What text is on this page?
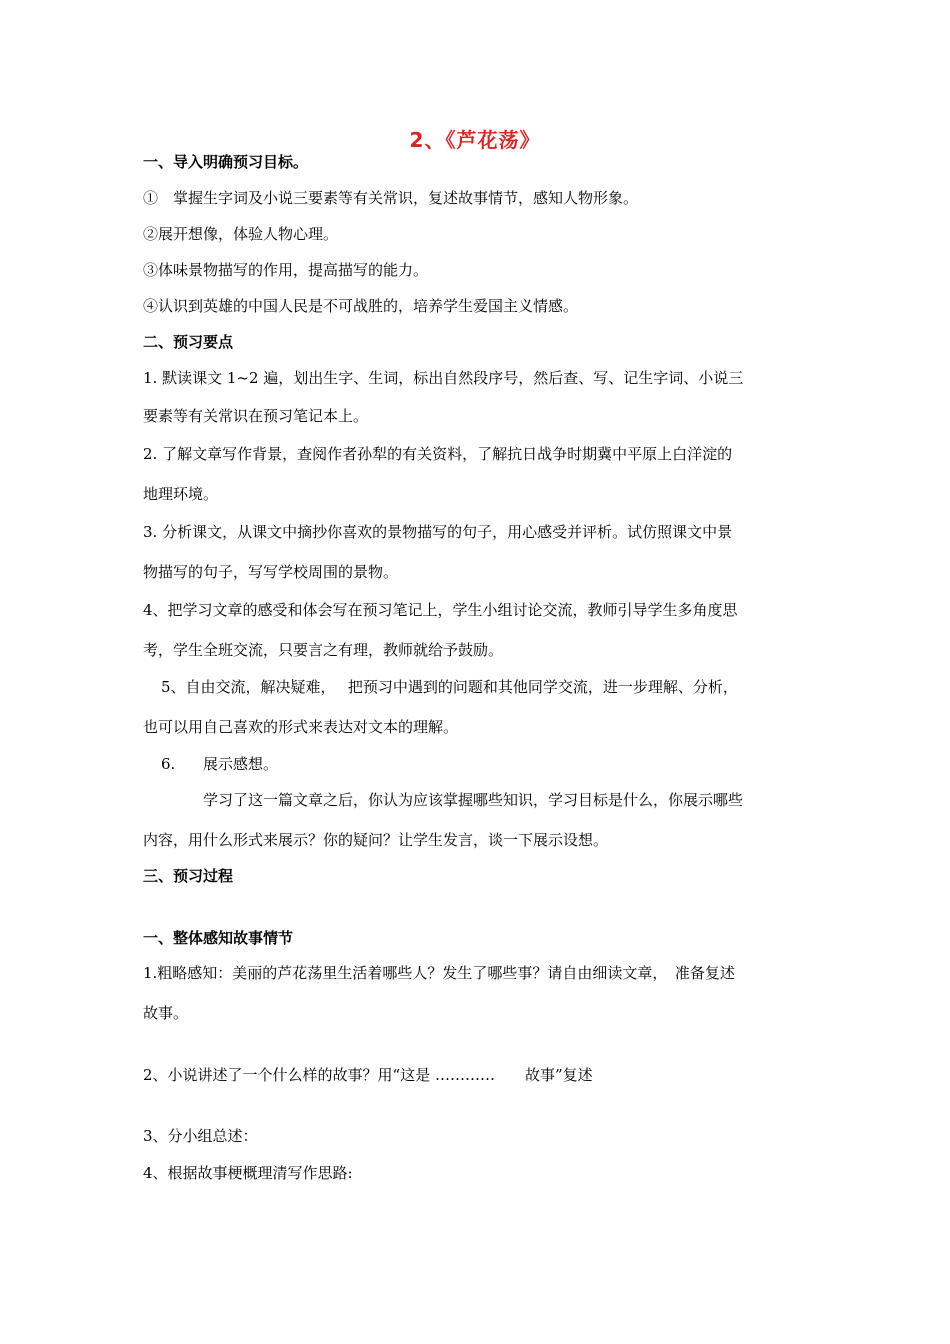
2、《芦花荡》
一、导入明确预习目标。
①　掌握生字词及小说三要素等有关常识，复述故事情节，感知人物形象。
②展开想像，体验人物心理。
③体味景物描写的作用，提高描写的能力。
④认识到英雄的中国人民是不可战胜的，培养学生爱国主义情感。
二、预习要点
1. 默读课文 1~2 遍，划出生字、生词，标出自然段序号，然后查、写、记生字词、小说三
要素等有关常识在预习笔记本上。
2. 了解文章写作背景，查阅作者孙犁的有关资料，了解抗日战争时期冀中平原上白洋淀的
地理环境。
3. 分析课文，从课文中摘抄你喜欢的景物描写的句子，用心感受并评析。试仿照课文中景
物描写的句子，写写学校周围的景物。
4、把学习文章的感受和体会写在预习笔记上，学生小组讨论交流，教师引导学生多角度思
考，学生全班交流，只要言之有理，教师就给予鼓励。
5、自由交流，解决疑难，　 把预习中遇到的问题和其他同学交流，进一步理解、分析，
也可以用自己喜欢的形式来表达对文本的理解。
6. 展示感想。
学习了这一篇文章之后，你认为应该掌握哪些知识，学习目标是什么，你展示哪些
内容，用什么形式来展示？你的疑问？让学生发言，谈一下展示设想。
三、预习过程
一、整体感知故事情节
1.粗略感知：美丽的芦花荡里生活着哪些人？发生了哪些事？请自由细读文章，　准备复述
故事。
2、小说讲述了一个什么样的故事？用“这是 …………　　故事”复述
3、分小组总述：
4、根据故事梗概理清写作思路:
